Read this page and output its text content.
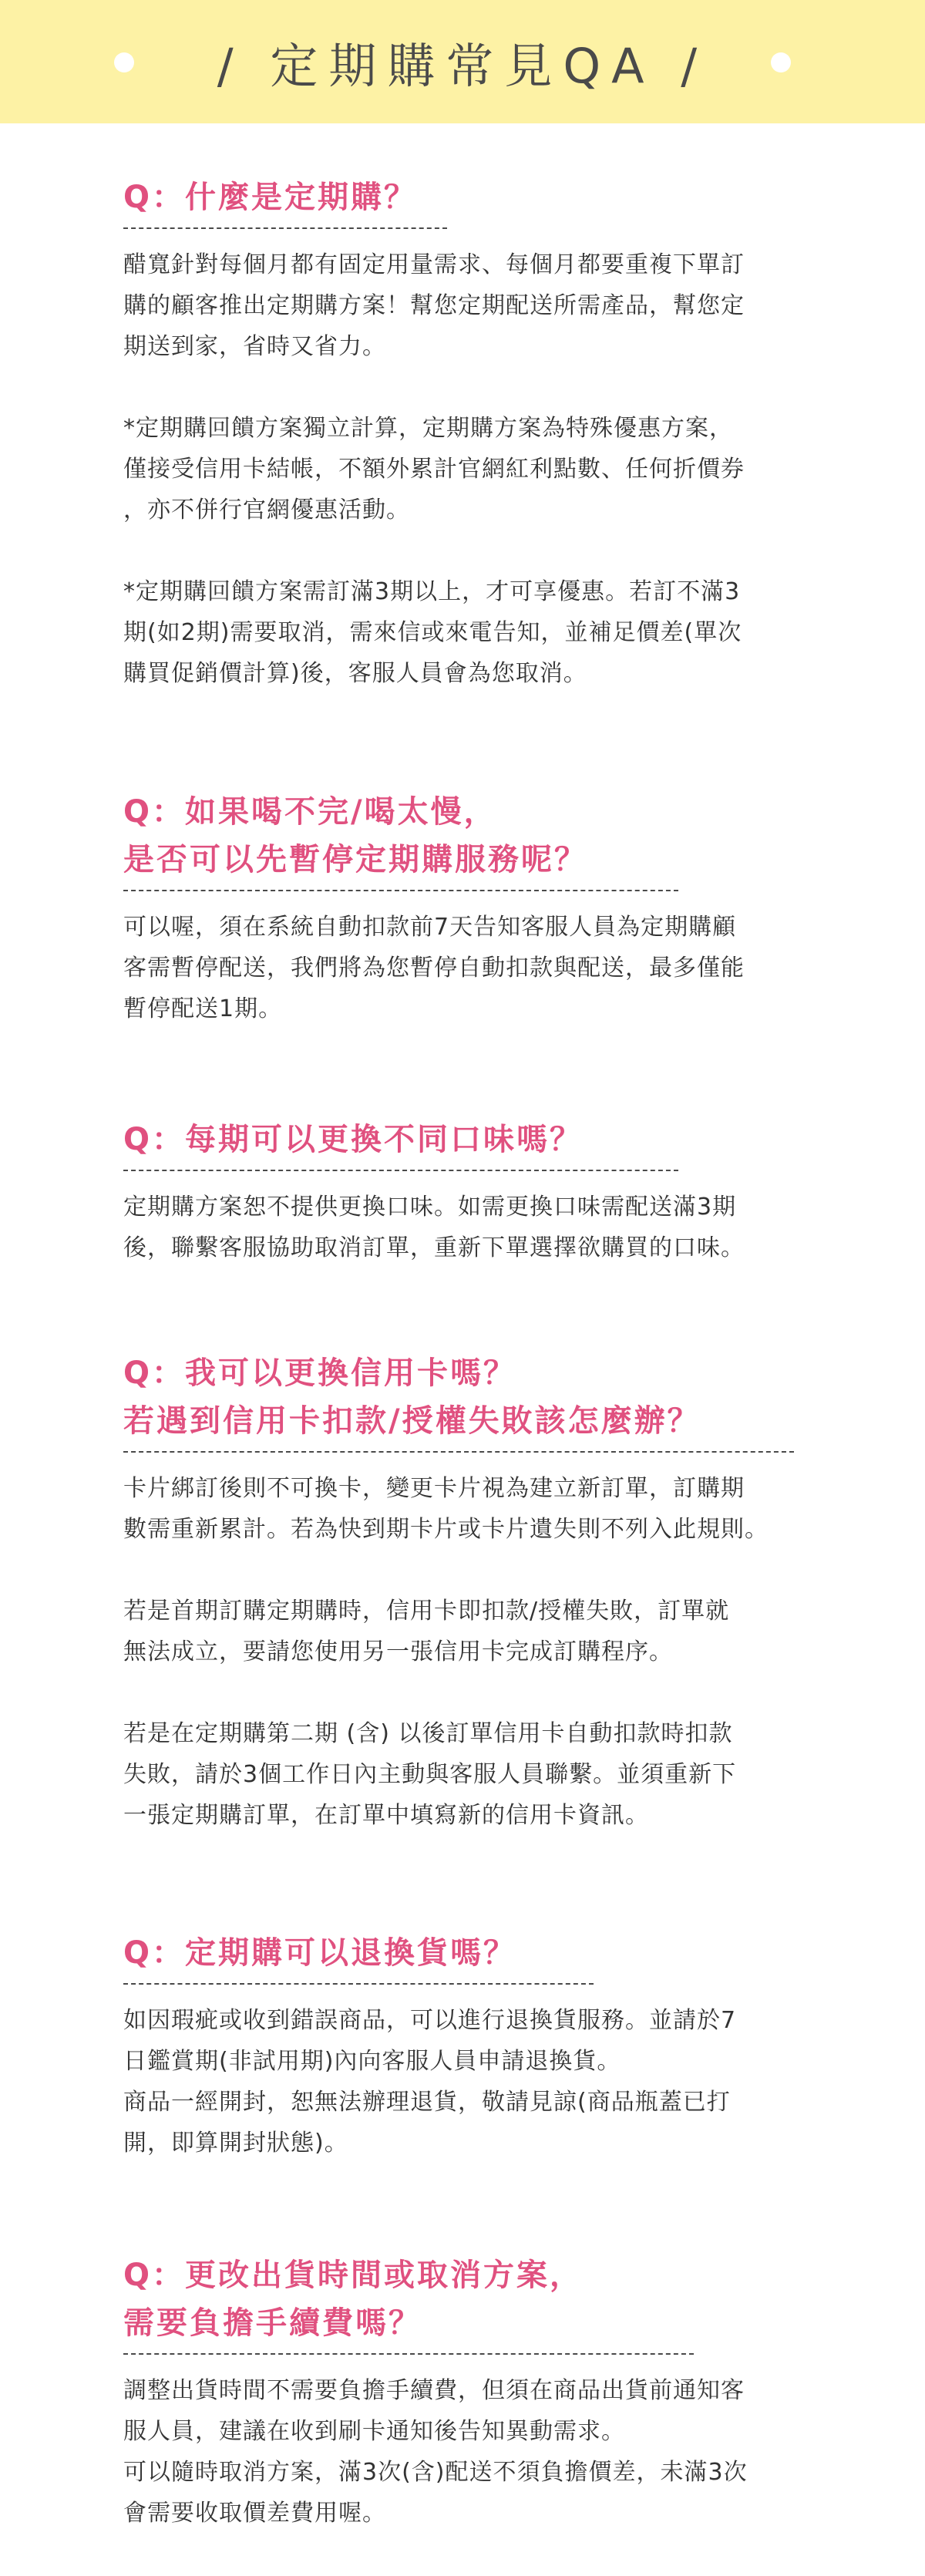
/ 定期購常見QA /
Q：什麼是定期購？
醋寬針對每個月都有固定用量需求、每個月都要重複下單訂
購的顧客推出定期購方案！幫您定期配送所需產品，幫您定
期送到家，省時又省力。
*定期購回饋方案獨立計算，定期購方案為特殊優惠方案，
僅接受信用卡結帳，不額外累計官網紅利點數、任何折價券
，亦不併行官網優惠活動。
*定期購回饋方案需訂滿3期以上，才可享優惠。若訂不滿3
期(如2期)需要取消，需來信或來電告知，並補足價差(單次
購買促銷價計算)後，客服人員會為您取消。
Q：如果喝不完/喝太慢，
是否可以先暫停定期購服務呢？
可以喔，須在系統自動扣款前7天告知客服人員為定期購顧
客需暫停配送，我們將為您暫停自動扣款與配送，最多僅能
暫停配送1期。
Q：每期可以更換不同口味嗎？
定期購方案恕不提供更換口味。如需更換口味需配送滿3期
後，聯繫客服協助取消訂單，重新下單選擇欲購買的口味。
Q：我可以更換信用卡嗎？
若遇到信用卡扣款/授權失敗該怎麼辦？
卡片綁訂後則不可換卡，變更卡片視為建立新訂單，訂購期
數需重新累計。若為快到期卡片或卡片遺失則不列入此規則。
若是首期訂購定期購時，信用卡即扣款/授權失敗，訂單就
無法成立，要請您使用另一張信用卡完成訂購程序。
若是在定期購第二期 (含) 以後訂單信用卡自動扣款時扣款
失敗，請於3個工作日內主動與客服人員聯繫。並須重新下
一張定期購訂單，在訂單中填寫新的信用卡資訊。
Q：定期購可以退換貨嗎？
如因瑕疵或收到錯誤商品，可以進行退換貨服務。並請於7
日鑑賞期(非試用期)內向客服人員申請退換貨。
商品一經開封，恕無法辦理退貨，敬請見諒(商品瓶蓋已打
開，即算開封狀態)。
Q：更改出貨時間或取消方案，
需要負擔手續費嗎？
調整出貨時間不需要負擔手續費，但須在商品出貨前通知客
服人員，建議在收到刷卡通知後告知異動需求。
可以隨時取消方案，滿3次(含)配送不須負擔價差，未滿3次
會需要收取價差費用喔。
